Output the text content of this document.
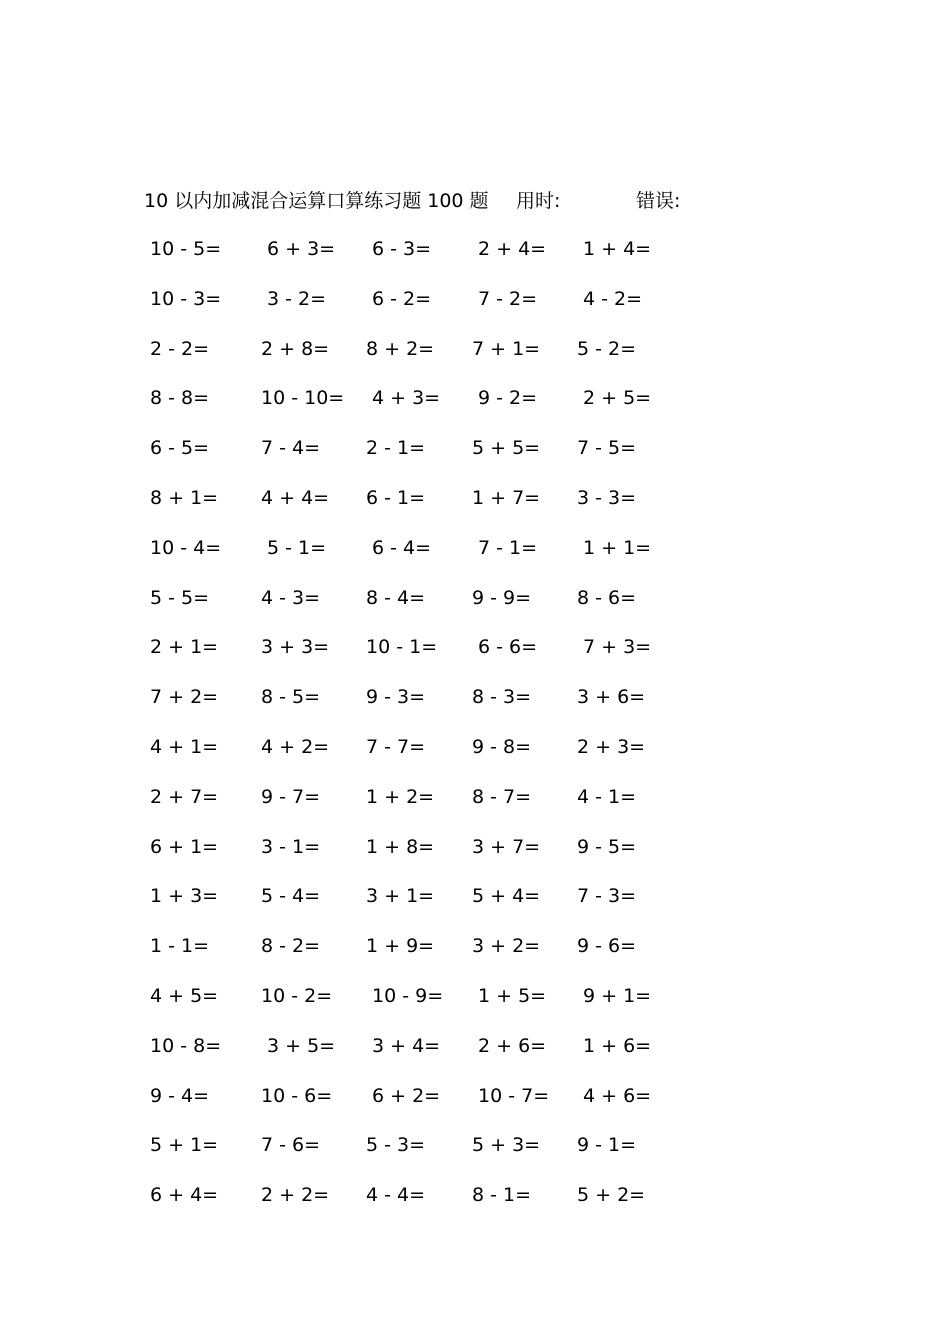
10 以内加减混合运算口算练习题 100 题 用时:	错误:
10 - 5= 6 + 3= 6 - 3= 2 + 4= 1 + 4=
10 - 3= 3 - 2= 6 - 2= 7 - 2= 4 - 2=
2 - 2=	2 + 8= 8 + 2= 7 + 1= 5 - 2=
8 - 8=	10 - 10= 4 + 3= 9 - 2= 2 + 5=
6 - 5=	7 - 4= 2 - 1= 5 + 5= 7 - 5=
8 + 1= 4 + 4= 6 - 1= 1 + 7= 3 - 3=
10 - 4= 5 - 1= 6 - 4= 7 - 1= 1 + 1=
5 - 5=	4 - 3= 8 - 4= 9 - 9= 8 - 6=
2 + 1= 3 + 3= 10 - 1= 6 - 6= 7 + 3=
7 + 2= 8 - 5= 9 - 3= 8 - 3= 3 + 6=
4 + 1= 4 + 2= 7 - 7= 9 - 8= 2 + 3=
2 + 7= 9 - 7= 1 + 2= 8 - 7= 4 - 1=
6 + 1= 3 - 1= 1 + 8= 3 + 7= 9 - 5=
1 + 3= 5 - 4= 3 + 1= 5 + 4= 7 - 3=
1 - 1=	8 - 2= 1 + 9= 3 + 2= 9 - 6=
4 + 5= 10 - 2= 10 - 9= 1 + 5= 9 + 1=
10 - 8= 3 + 5= 3 + 4= 2 + 6= 1 + 6=
9 - 4=	10 - 6= 6 + 2= 10 - 7= 4 + 6=
5 + 1= 7 - 6= 5 - 3= 5 + 3= 9 - 1=
6 + 4= 2 + 2= 4 - 4= 8 - 1= 5 + 2=
